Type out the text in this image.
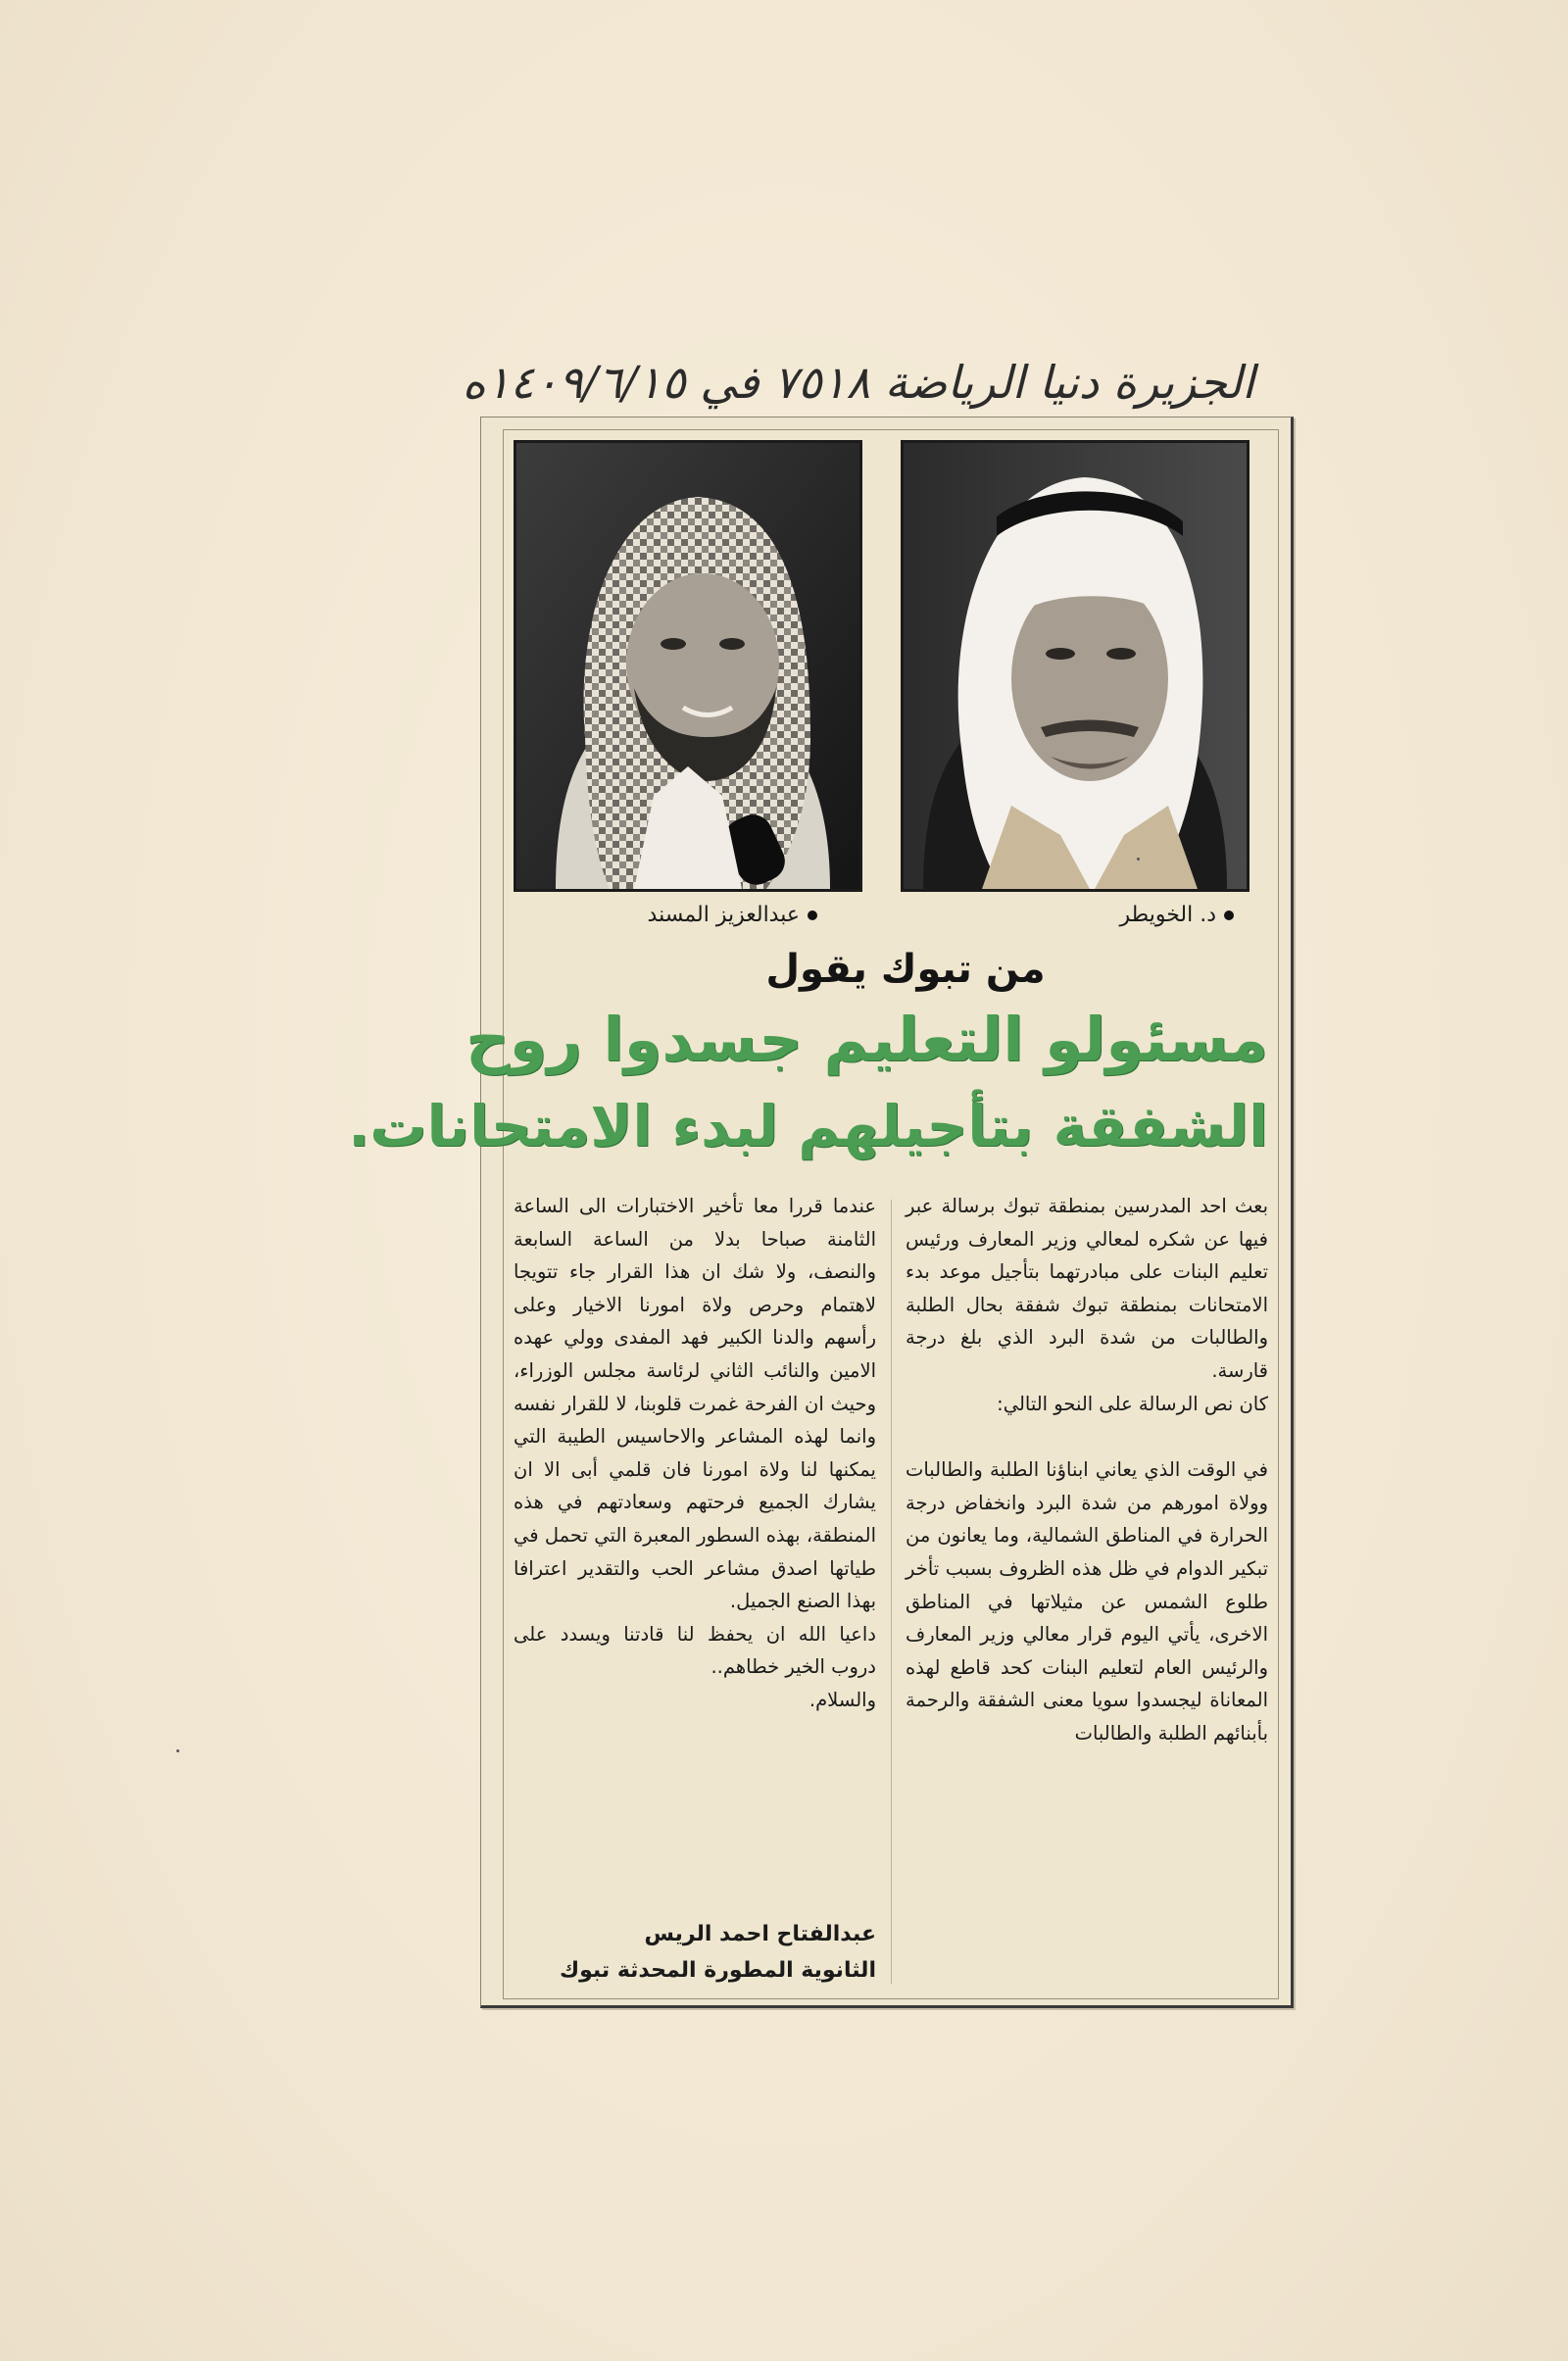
الجزيرة دنيا الرياضة ٧٥١٨ في ١٤٠٩/٦/١٥ه
عبدالعزيز المسند	د. الخويطر
من تبوك يقول
مسئولو التعليم جسدوا روح
الشفقة بتأجيلهم لبدء الامتحانات.

بعث احد المدرسين بمنطقة تبوك برسالة عبر فيها عن شكره لمعالي وزير المعارف ورئيس تعليم البنات على مبادرتهما بتأجيل موعد بدء الامتحانات بمنطقة تبوك شفقة بحال الطلبة والطالبات من شدة البرد الذي بلغ درجة قارسة.

كان نص الرسالة على النحو التالي:

في الوقت الذي يعاني ابناؤنا الطلبة والطالبات وولاة امورهم من شدة البرد وانخفاض درجة الحرارة في المناطق الشمالية، وما يعانون من تبكير الدوام في ظل هذه الظروف بسبب تأخر طلوع الشمس عن مثيلاتها في المناطق الاخرى، يأتي اليوم قرار معالي وزير المعارف والرئيس العام لتعليم البنات كحد قاطع لهذه المعاناة ليجسدوا سويا معنى الشفقة والرحمة بأبنائهم الطلبة والطالبات

عندما قررا معا تأخير الاختبارات الى الساعة الثامنة صباحا بدلا من الساعة السابعة والنصف، ولا شك ان هذا القرار جاء تتويجا لاهتمام وحرص ولاة امورنا الاخيار وعلى رأسهم والدنا الكبير فهد المفدى وولي عهده الامين والنائب الثاني لرئاسة مجلس الوزراء، وحيث ان الفرحة غمرت قلوبنا، لا للقرار نفسه وانما لهذه المشاعر والاحاسيس الطيبة التي يمكنها لنا ولاة امورنا فان قلمي أبى الا ان يشارك الجميع فرحتهم وسعادتهم في هذه المنطقة، بهذه السطور المعبرة التي تحمل في طياتها اصدق مشاعر الحب والتقدير اعترافا بهذا الصنع الجميل.

داعيا الله ان يحفظ لنا قادتنا ويسدد على دروب الخير خطاهم..

والسلام.

عبدالفتاح احمد الريس
الثانوية المطورة المحدثة تبوك
